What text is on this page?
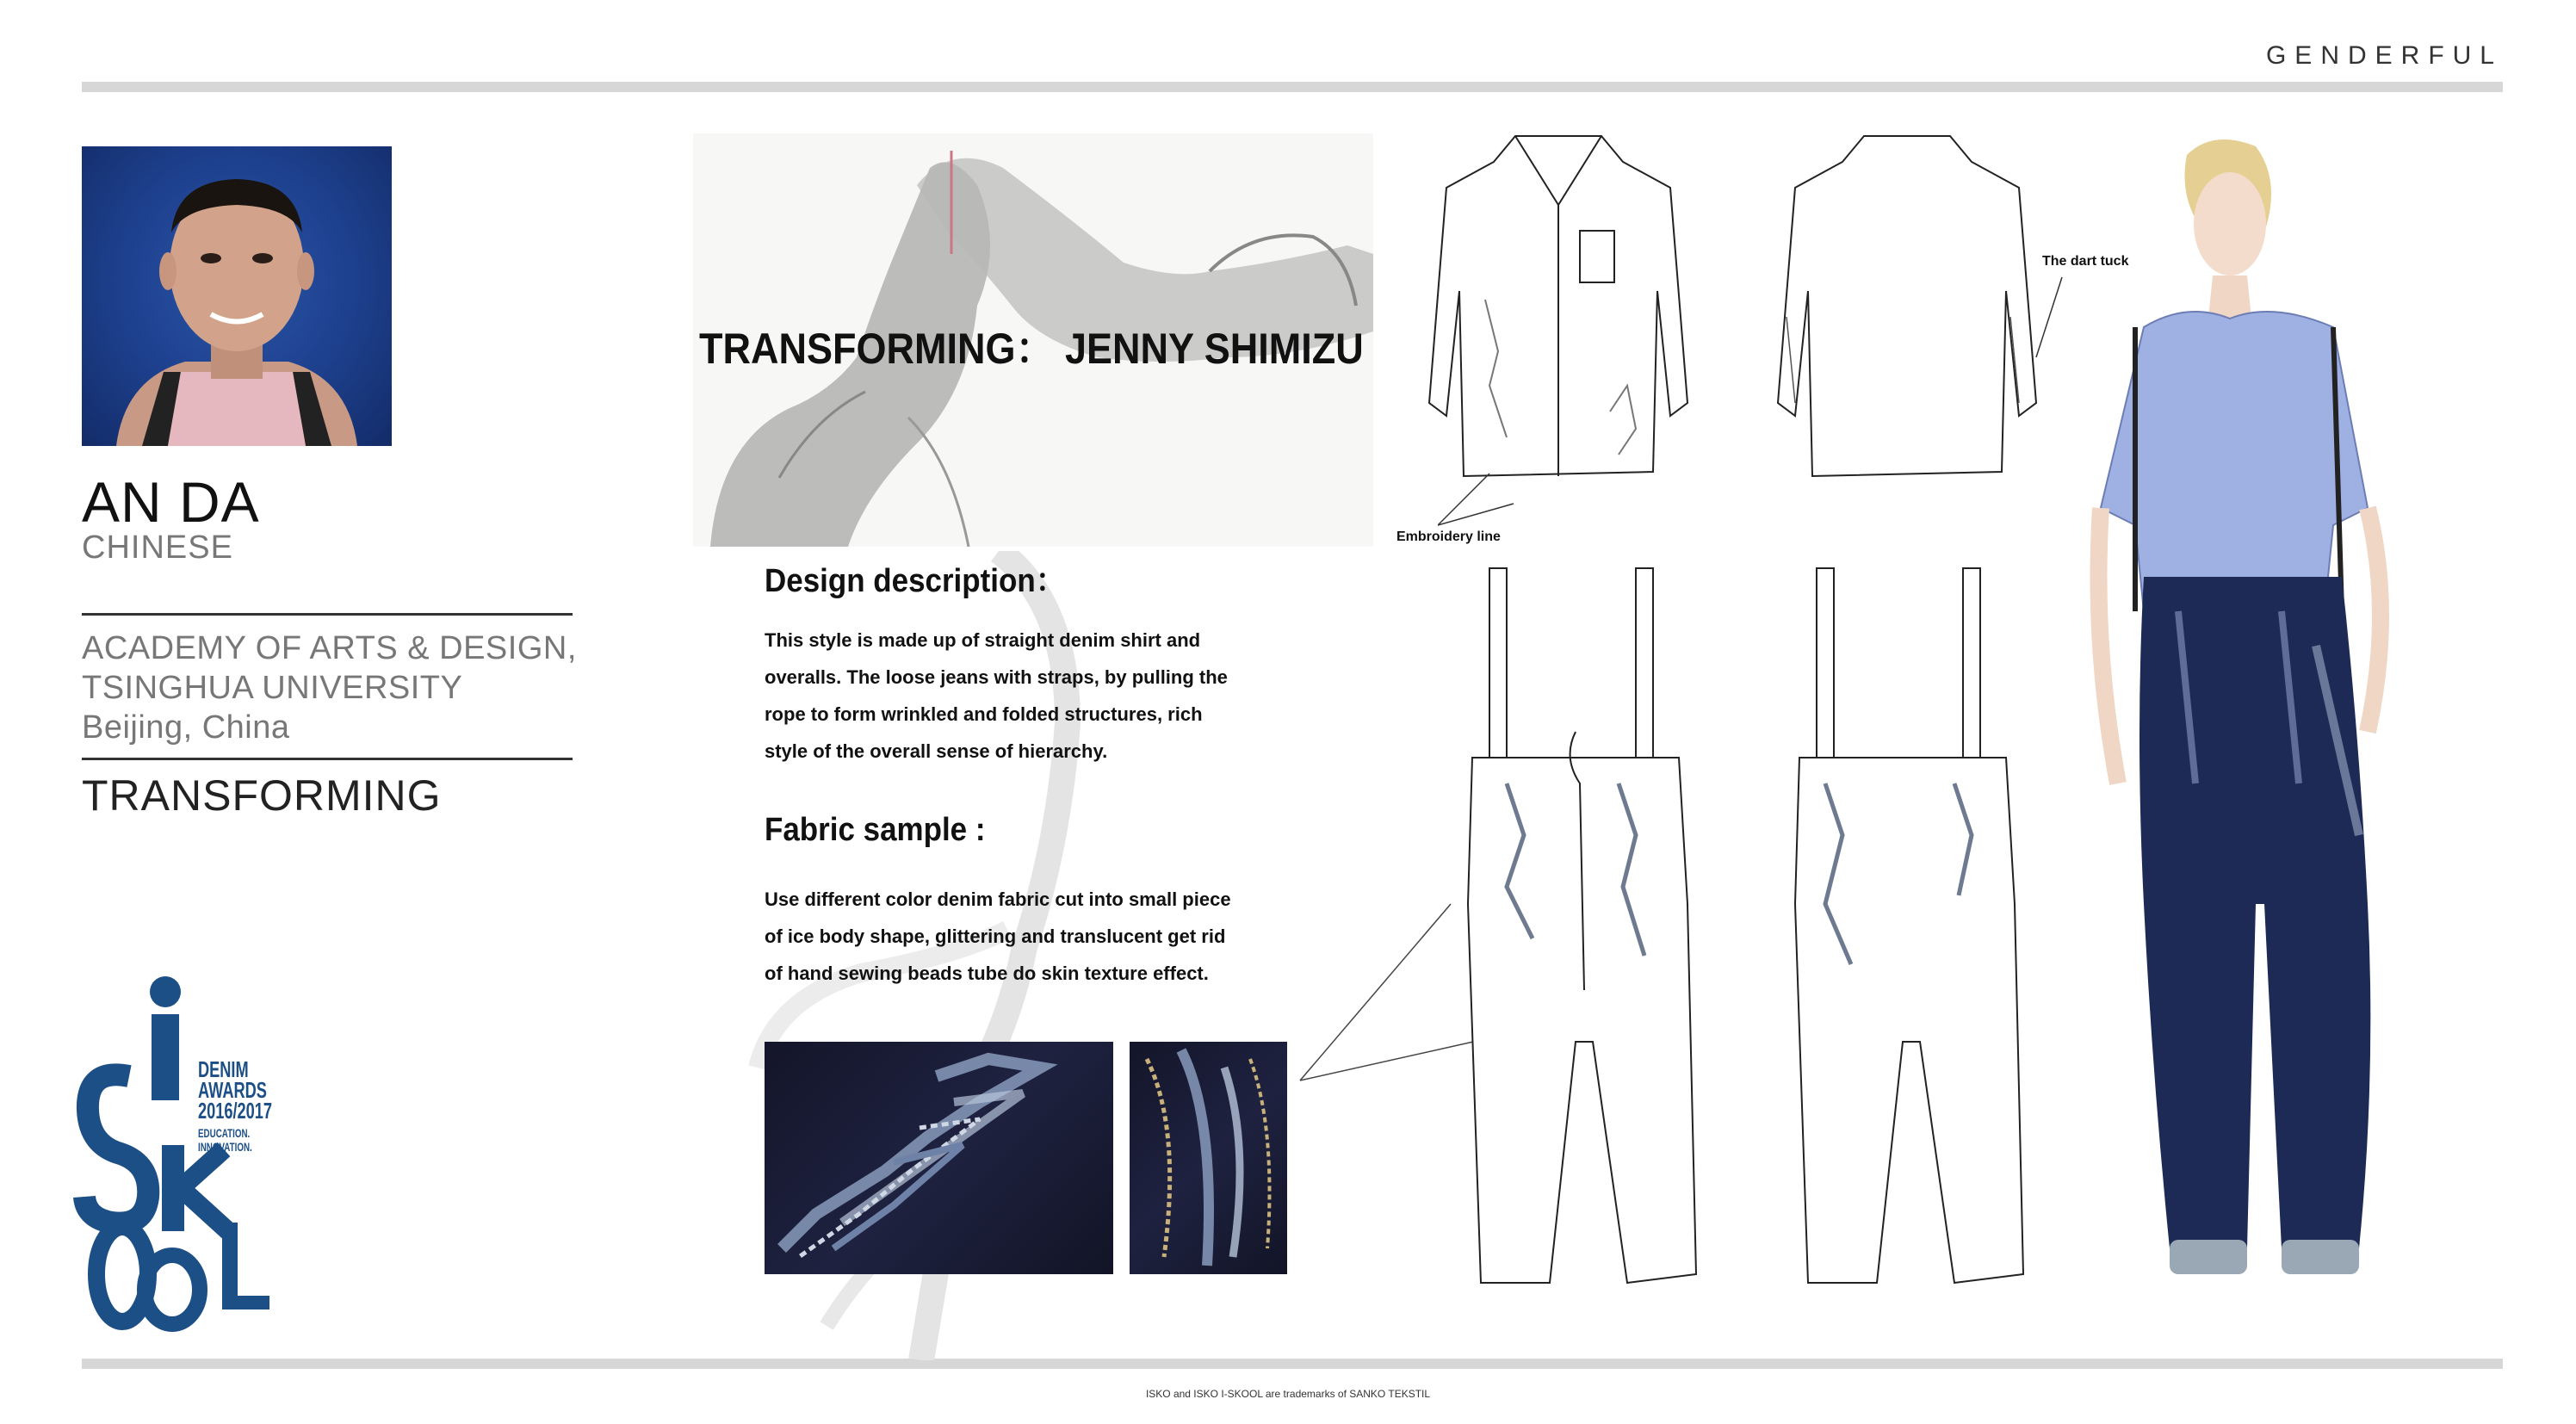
GENDERFUL
AN DA
CHINESE
ACADEMY OF ARTS & DESIGN,
TSINGHUA UNIVERSITY
Beijing, China
TRANSFORMING
DENIM
AWARDS
2016/2017
EDUCATION.
INNOVATION.
TRANSFORMING： JENNY SHIMIZU
Design description：
This style is made up of straight denim shirt and
overalls. The loose jeans with straps, by pulling the
rope to form wrinkled and folded structures, rich
style of the overall sense of hierarchy.
Fabric sample :
Use different color denim fabric cut into small piece
of ice body shape, glittering and translucent get rid
of hand sewing beads tube do skin texture effect.
Embroidery line
The dart tuck
ISKO and ISKO I-SKOOL are trademarks of SANKO TEKSTIL
